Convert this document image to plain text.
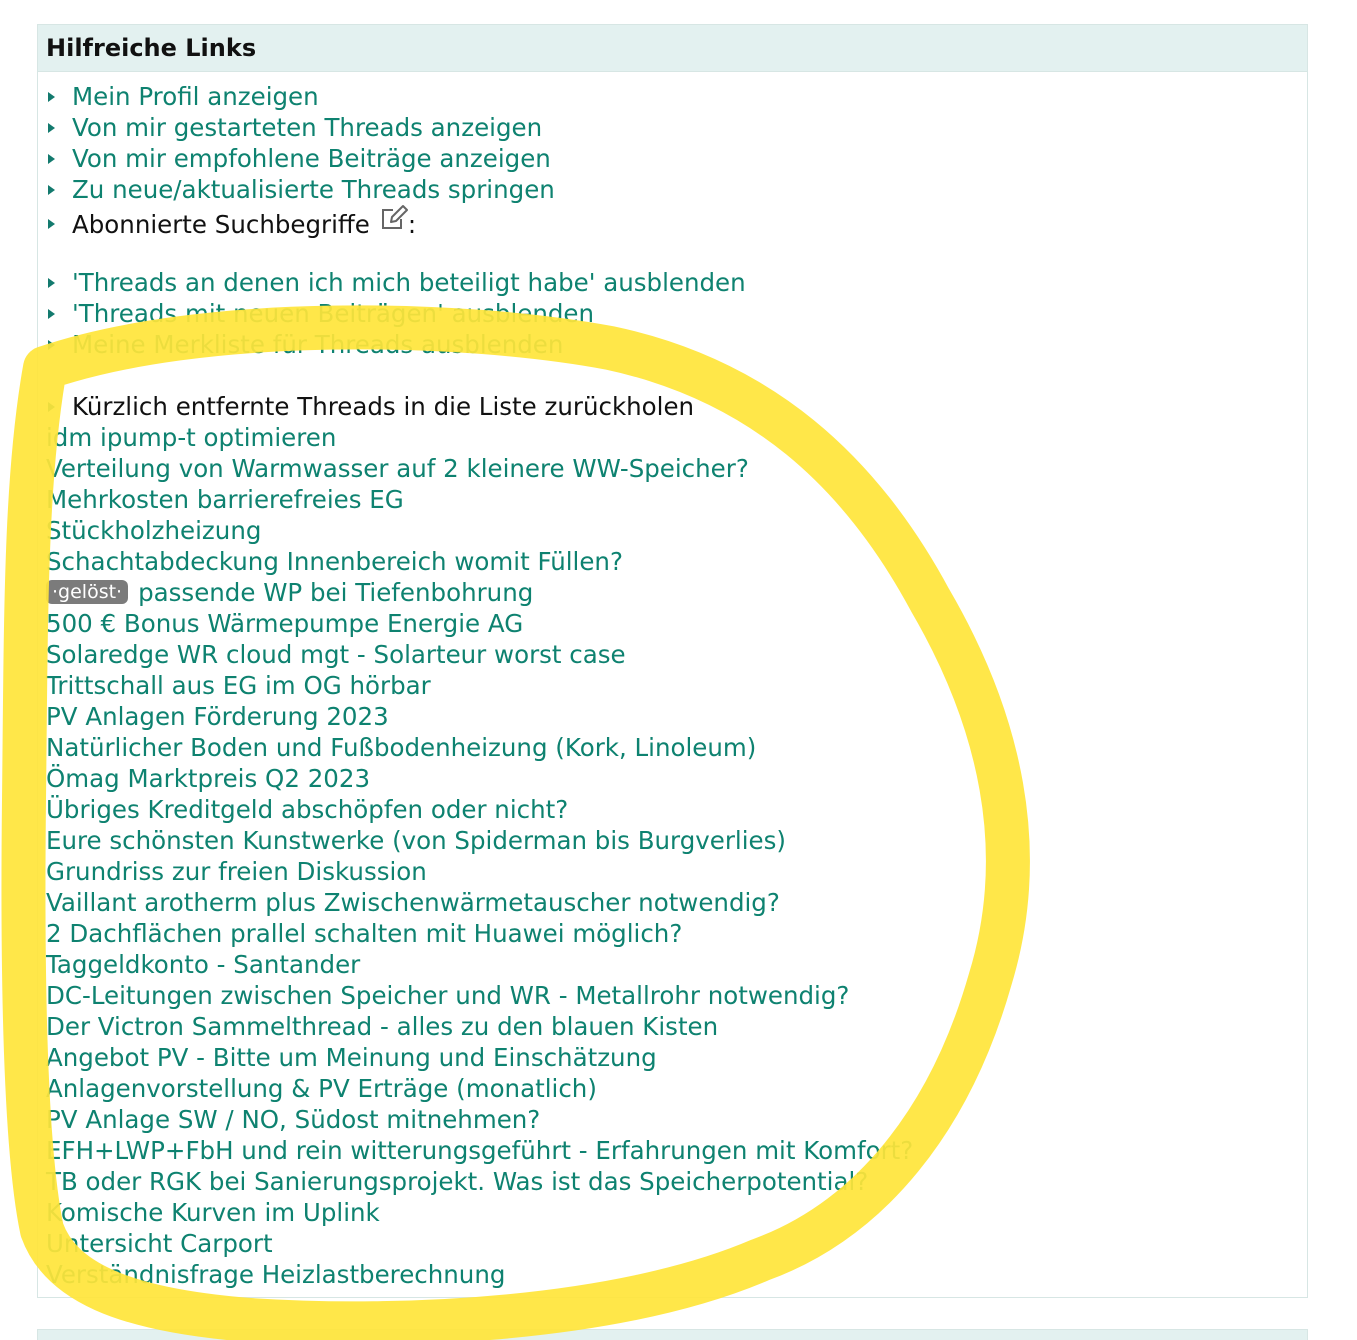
Hilfreiche Links
Mein Profil anzeigen
Von mir gestarteten Threads anzeigen
Von mir empfohlene Beiträge anzeigen
Zu neue/aktualisierte Threads springen
Abonnierte Suchbegriffe :
'Threads an denen ich mich beteiligt habe' ausblenden
'Threads mit neuen Beiträgen' ausblenden
Meine Merkliste für Threads ausblenden
Kürzlich entfernte Threads in die Liste zurückholen
idm ipump-t optimieren
Verteilung von Warmwasser auf 2 kleinere WW-Speicher?
Mehrkosten barrierefreies EG
Stückholzheizung
Schachtabdeckung Innenbereich womit Füllen?
·gelöst· passende WP bei Tiefenbohrung
500 € Bonus Wärmepumpe Energie AG
Solaredge WR cloud mgt - Solarteur worst case
Trittschall aus EG im OG hörbar
PV Anlagen Förderung 2023
Natürlicher Boden und Fußbodenheizung (Kork, Linoleum)
Ömag Marktpreis Q2 2023
Übriges Kreditgeld abschöpfen oder nicht?
Eure schönsten Kunstwerke (von Spiderman bis Burgverlies)
Grundriss zur freien Diskussion
Vaillant arotherm plus Zwischenwärmetauscher notwendig?
2 Dachflächen prallel schalten mit Huawei möglich?
Taggeldkonto - Santander
DC-Leitungen zwischen Speicher und WR - Metallrohr notwendig?
Der Victron Sammelthread - alles zu den blauen Kisten
Angebot PV - Bitte um Meinung und Einschätzung
Anlagenvorstellung & PV Erträge (monatlich)
PV Anlage SW / NO, Südost mitnehmen?
EFH+LWP+FbH und rein witterungsgeführt - Erfahrungen mit Komfort?
TB oder RGK bei Sanierungsprojekt. Was ist das Speicherpotential?
Komische Kurven im Uplink
Untersicht Carport
Verständnisfrage Heizlastberechnung
